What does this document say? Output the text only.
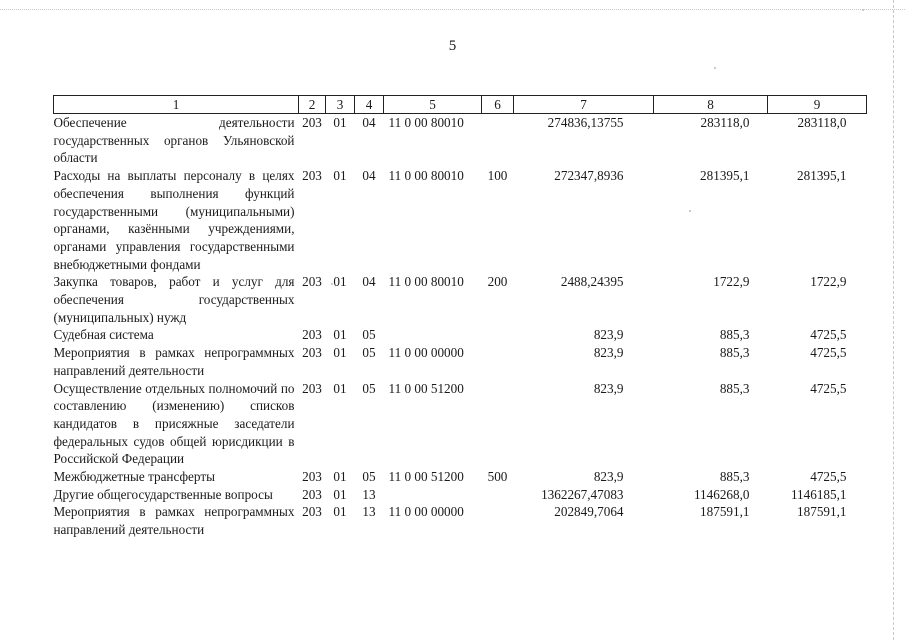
5
1	2	3	4	5	6	7	8	9
Обеспечение деятельности государственных органов Ульяновской области	203	01	04	11 0 00 80010		274836,13755	283118,0	283118,0
Расходы на выплаты персоналу в целях обеспечения выполнения функций государственными (муниципальными) органами, казёнными учреждениями, органами управления государственными внебюджетными фондами	203	01	04	11 0 00 80010	100	272347,8936	281395,1	281395,1
Закупка товаров, работ и услуг для обеспечения государственных (муниципальных) нужд	203	01	04	11 0 00 80010	200	2488,24395	1722,9	1722,9
Судебная система	203	01	05			823,9	885,3	4725,5
Мероприятия в рамках непрограммных направлений деятельности	203	01	05	11 0 00 00000		823,9	885,3	4725,5
Осуществление отдельных полномочий по составлению (изменению) списков кандидатов в присяжные заседатели федеральных судов общей юрисдикции в Российской Федерации	203	01	05	11 0 00 51200		823,9	885,3	4725,5
Межбюджетные трансферты	203	01	05	11 0 00 51200	500	823,9	885,3	4725,5
Другие общегосударственные вопросы	203	01	13			1362267,47083	1146268,0	1146185,1
Мероприятия в рамках непрограммных направлений деятельности	203	01	13	11 0 00 00000		202849,7064	187591,1	187591,1
